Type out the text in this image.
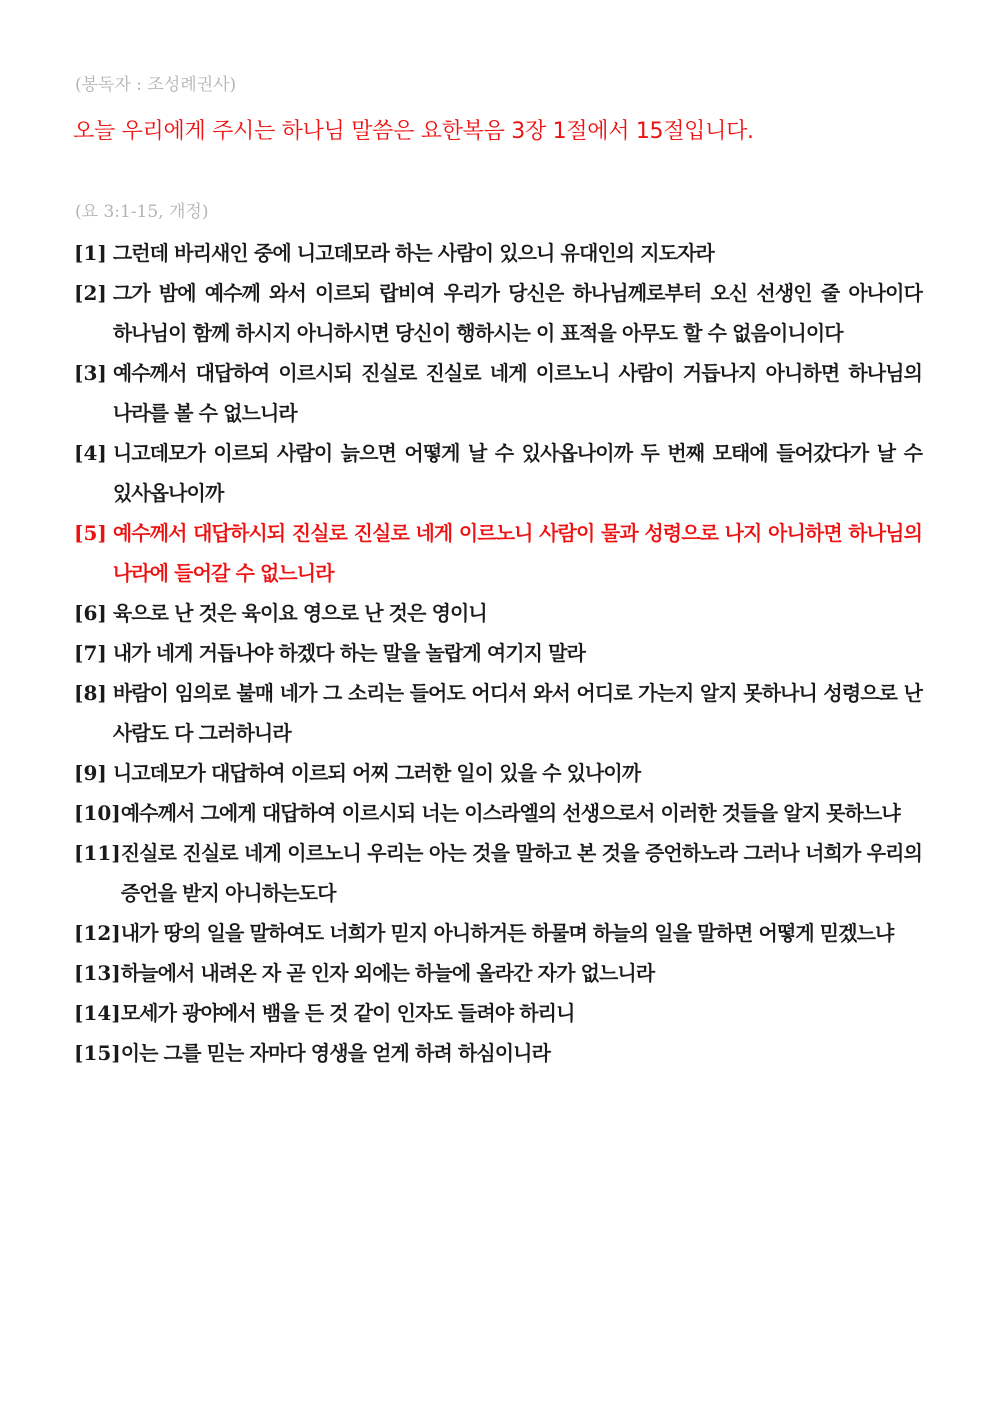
(봉독자 : 조성례권사)
오늘 우리에게 주시는 하나님 말씀은 요한복음 3장 1절에서 15절입니다.
(요 3:1-15, 개정)

[1] 그런데 바리새인 중에 니고데모라 하는 사람이 있으니 유대인의 지도자라

[2] 그가 밤에 예수께 와서 이르되 랍비여 우리가 당신은 하나님께로부터 오신 선생인 줄 아나이다 하나님이 함께 하시지 아니하시면 당신이 행하시는 이 표적을 아무도 할 수 없음이니이다

[3] 예수께서 대답하여 이르시되 진실로 진실로 네게 이르노니 사람이 거듭나지 아니하면 하나님의 나라를 볼 수 없느니라

[4] 니고데모가 이르되 사람이 늙으면 어떻게 날 수 있사옵나이까 두 번째 모태에 들어갔다가 날 수 있사옵나이까

[5] 예수께서 대답하시되 진실로 진실로 네게 이르노니 사람이 물과 성령으로 나지 아니하면 하나님의 나라에 들어갈 수 없느니라

[6] 육으로 난 것은 육이요 영으로 난 것은 영이니

[7] 내가 네게 거듭나야 하겠다 하는 말을 놀랍게 여기지 말라

[8] 바람이 임의로 불매 네가 그 소리는 들어도 어디서 와서 어디로 가는지 알지 못하나니 성령으로 난 사람도 다 그러하니라

[9] 니고데모가 대답하여 이르되 어찌 그러한 일이 있을 수 있나이까

[10] 예수께서 그에게 대답하여 이르시되 너는 이스라엘의 선생으로서 이러한 것들을 알지 못하느냐

[11] 진실로 진실로 네게 이르노니 우리는 아는 것을 말하고 본 것을 증언하노라 그러나 너희가 우리의 증언을 받지 아니하는도다

[12] 내가 땅의 일을 말하여도 너희가 믿지 아니하거든 하물며 하늘의 일을 말하면 어떻게 믿겠느냐

[13] 하늘에서 내려온 자 곧 인자 외에는 하늘에 올라간 자가 없느니라

[14] 모세가 광야에서 뱀을 든 것 같이 인자도 들려야 하리니

[15] 이는 그를 믿는 자마다 영생을 얻게 하려 하심이니라
